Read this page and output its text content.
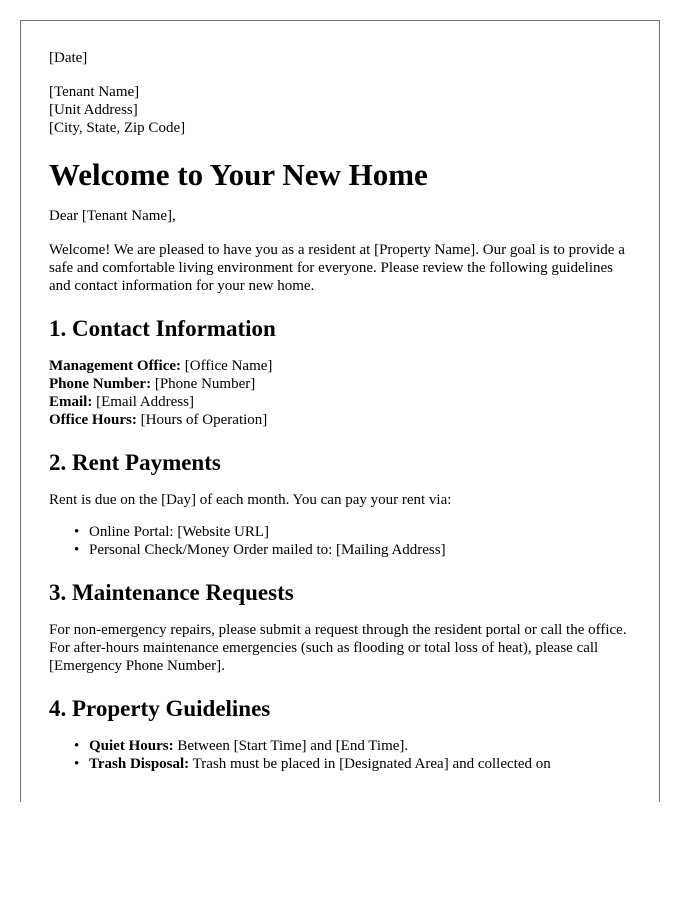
[Date]
[Tenant Name]
[Unit Address]
[City, State, Zip Code]
Welcome to Your New Home

Dear [Tenant Name],

Welcome! We are pleased to have you as a resident at [Property Name]. Our goal is to provide a safe and comfortable living environment for everyone. Please review the following guidelines and contact information for your new home.

1. Contact Information
Management Office: [Office Name]
Phone Number: [Phone Number]
Email: [Email Address]
Office Hours: [Hours of Operation]
2. Rent Payments

Rent is due on the [Day] of each month. You can pay your rent via:

• Online Portal: [Website URL]
• Personal Check/Money Order mailed to: [Mailing Address]
3. Maintenance Requests

For non-emergency repairs, please submit a request through the resident portal or call the office. For after-hours maintenance emergencies (such as flooding or total loss of heat), please call [Emergency Phone Number].

4. Property Guidelines
• Quiet Hours: Between [Start Time] and [End Time].
• Trash Disposal: Trash must be placed in [Designated Area] and collected on
